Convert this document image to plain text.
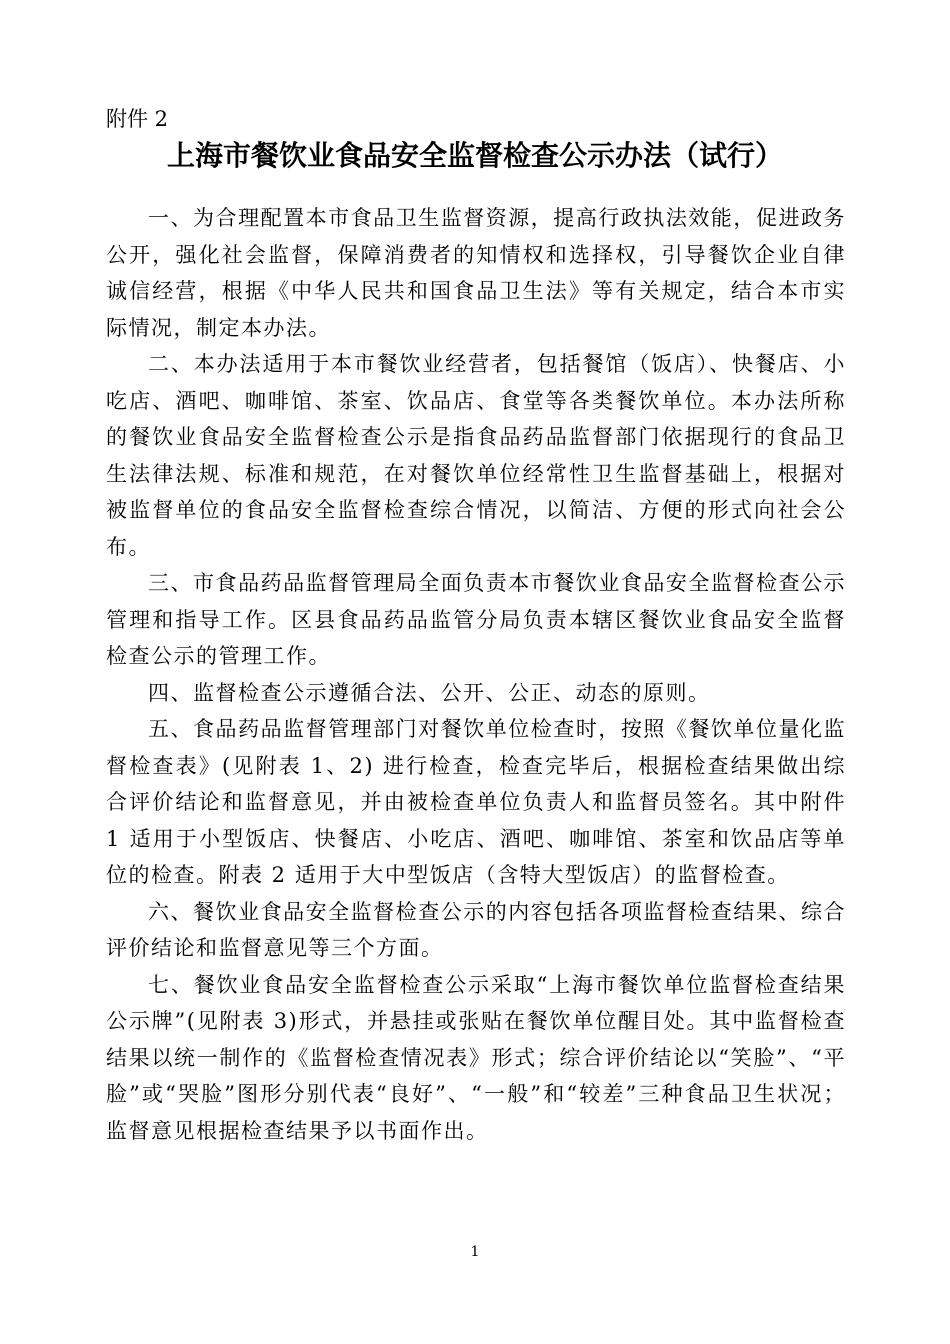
附件 2
上海市餐饮业食品安全监督检查公示办法（试行）

一、为合理配置本市食品卫生监督资源，提高行政执法效能，促进政务公开，强化社会监督，保障消费者的知情权和选择权，引导餐饮企业自律诚信经营，根据《中华人民共和国食品卫生法》等有关规定，结合本市实际情况，制定本办法。

二、本办法适用于本市餐饮业经营者，包括餐馆（饭店）、快餐店、小吃店、酒吧、咖啡馆、茶室、饮品店、食堂等各类餐饮单位。本办法所称的餐饮业食品安全监督检查公示是指食品药品监督部门依据现行的食品卫生法律法规、标准和规范，在对餐饮单位经常性卫生监督基础上，根据对被监督单位的食品安全监督检查综合情况，以简洁、方便的形式向社会公布。

三、市食品药品监督管理局全面负责本市餐饮业食品安全监督检查公示管理和指导工作。区县食品药品监管分局负责本辖区餐饮业食品安全监督检查公示的管理工作。

四、监督检查公示遵循合法、公开、公正、动态的原则。

五、食品药品监督管理部门对餐饮单位检查时，按照《餐饮单位量化监督检查表》(见附表 1、2) 进行检查，检查完毕后，根据检查结果做出综合评价结论和监督意见，并由被检查单位负责人和监督员签名。其中附件 1 适用于小型饭店、快餐店、小吃店、酒吧、咖啡馆、茶室和饮品店等单位的检查。附表 2 适用于大中型饭店（含特大型饭店）的监督检查。

六、餐饮业食品安全监督检查公示的内容包括各项监督检查结果、综合评价结论和监督意见等三个方面。

七、餐饮业食品安全监督检查公示采取“上海市餐饮单位监督检查结果公示牌”(见附表 3)形式，并悬挂或张贴在餐饮单位醒目处。其中监督检查结果以统一制作的《监督检查情况表》形式；综合评价结论以“笑脸”、“平脸”或“哭脸”图形分别代表“良好”、“一般”和“较差”三种食品卫生状况；监督意见根据检查结果予以书面作出。

1
